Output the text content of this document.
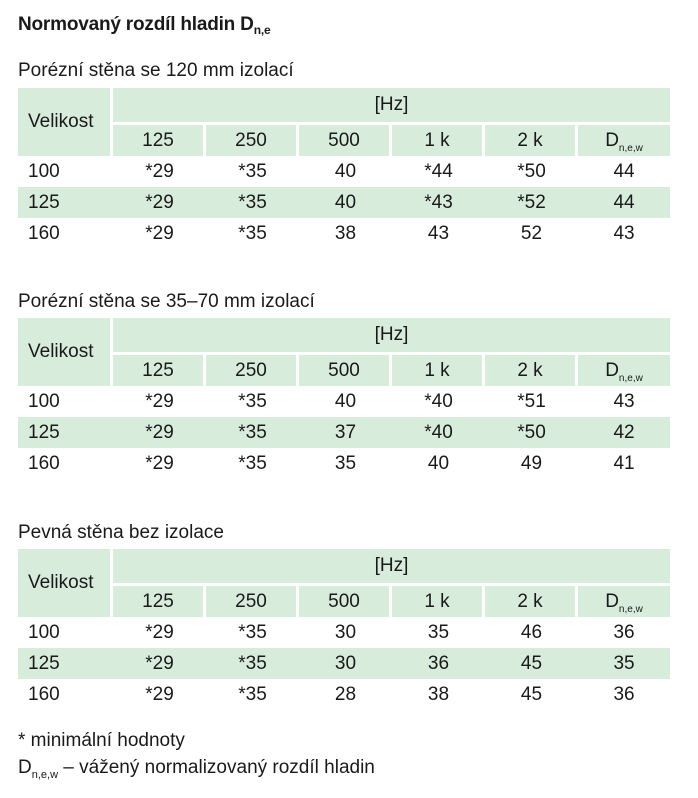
Normovaný rozdíl hladin $D_{n,e}$
Porézní stěna se 120 mm izolací
Velikost	[Hz]					
	125	250	500	1 k	2 k	$D_{n,e,w}$
100	*29	*35	40	*44	*50	44
125	*29	*35	40	*43	*52	44
160	*29	*35	38	43	52	43
Porézní stěna se 35–70 mm izolací
Velikost	[Hz]					
	125	250	500	1 k	2 k	$D_{n,e,w}$
100	*29	*35	40	*40	*51	43
125	*29	*35	37	*40	*50	42
160	*29	*35	35	40	49	41
Pevná stěna bez izolace
Velikost	[Hz]					
	125	250	500	1 k	2 k	$D_{n,e,w}$
100	*29	*35	30	35	46	36
125	*29	*35	30	36	45	35
160	*29	*35	28	38	45	36
* minimální hodnoty
$D_{n,e,w}$ – vážený normalizovaný rozdíl hladin
